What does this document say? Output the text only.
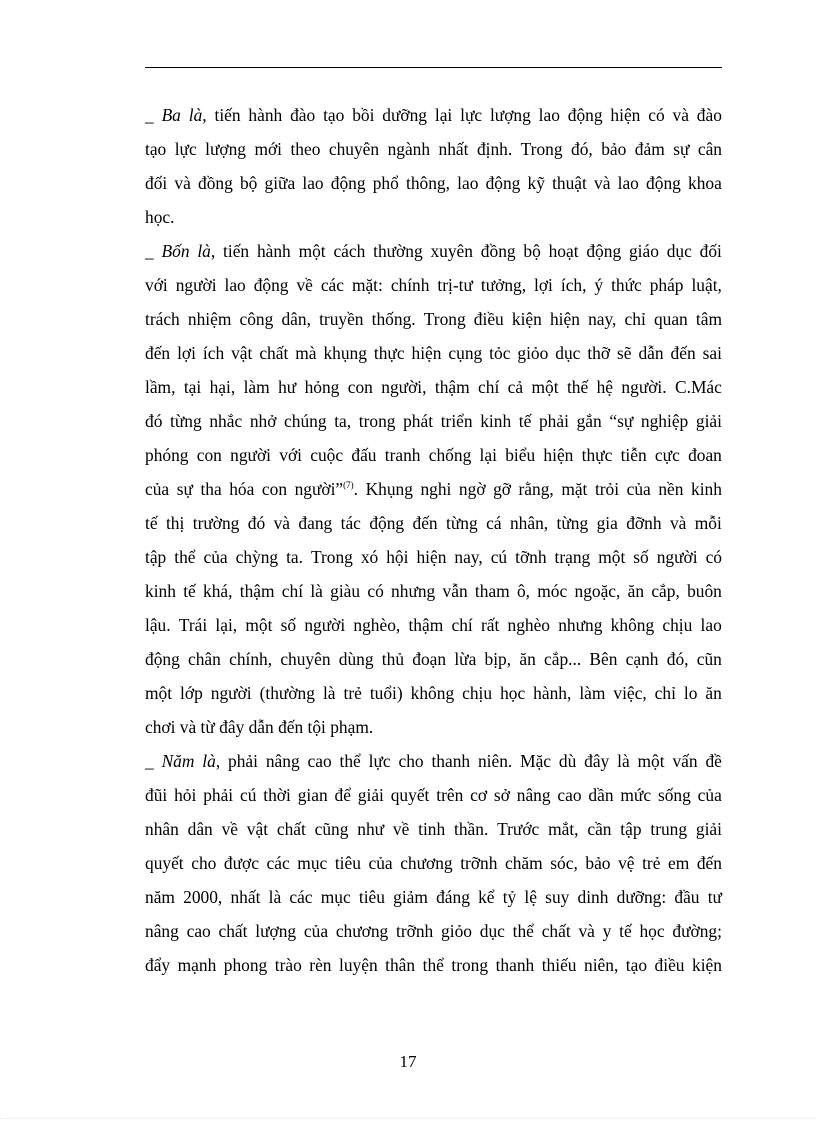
_ Ba là, tiến hành đào tạo bồi dưỡng lại lực lượng lao động hiện có và đào
tạo lực lượng mới theo chuyên ngành nhất định. Trong đó, bảo đảm sự cân
đối và đồng bộ giữa lao động phổ thông, lao động kỹ thuật và lao động khoa
học.
_ Bốn là, tiến hành một cách thường xuyên đồng bộ hoạt động giáo dục đối
với người lao động về các mặt: chính trị-tư tưởng, lợi ích, ý thức pháp luật,
trách nhiệm công dân, truyền thống. Trong điều kiện hiện nay, chỉ quan tâm
đến lợi ích vật chất mà khụng thực hiện cụng tỏc giỏo dục thỡ sẽ dẫn đến sai
lầm, tại hại, làm hư hỏng con người, thậm chí cả một thế hệ người. C.Mác
đó từng nhắc nhở chúng ta, trong phát triển kinh tế phải gắn “sự nghiệp giải
phóng con người với cuộc đấu tranh chống lại biểu hiện thực tiễn cực đoan
của sự tha hóa con người”$^{(7)}$. Khụng nghi ngờ gỡ rằng, mặt trỏi của nền kinh
tế thị trường đó và đang tác động đến từng cá nhân, từng gia đỡnh và mỗi
tập thể của chỳng ta. Trong xó hội hiện nay, cú tỡnh trạng một số người có
kinh tế khá, thậm chí là giàu có nhưng vẫn tham ô, móc ngoặc, ăn cắp, buôn
lậu. Trái lại, một số người nghèo, thậm chí rất nghèo nhưng không chịu lao
động chân chính, chuyên dùng thủ đoạn lừa bịp, ăn cắp... Bên cạnh đó, cũn
một lớp người (thường là trẻ tuổi) không chịu học hành, làm việc, chỉ lo ăn
chơi và từ đây dẫn đến tội phạm.
_ Năm là, phải nâng cao thể lực cho thanh niên. Mặc dù đây là một vấn đề
đũi hỏi phải cú thời gian để giải quyết trên cơ sở nâng cao dần mức sống của
nhân dân về vật chất cũng như về tinh thần. Trước mắt, cần tập trung giải
quyết cho được các mục tiêu của chương trỡnh chăm sóc, bảo vệ trẻ em đến
năm 2000, nhất là các mục tiêu giảm đáng kể tỷ lệ suy dinh dưỡng: đầu tư
nâng cao chất lượng của chương trỡnh giỏo dục thể chất và y tế học đường;
đẩy mạnh phong trào rèn luyện thân thể trong thanh thiếu niên, tạo điều kiện
17
